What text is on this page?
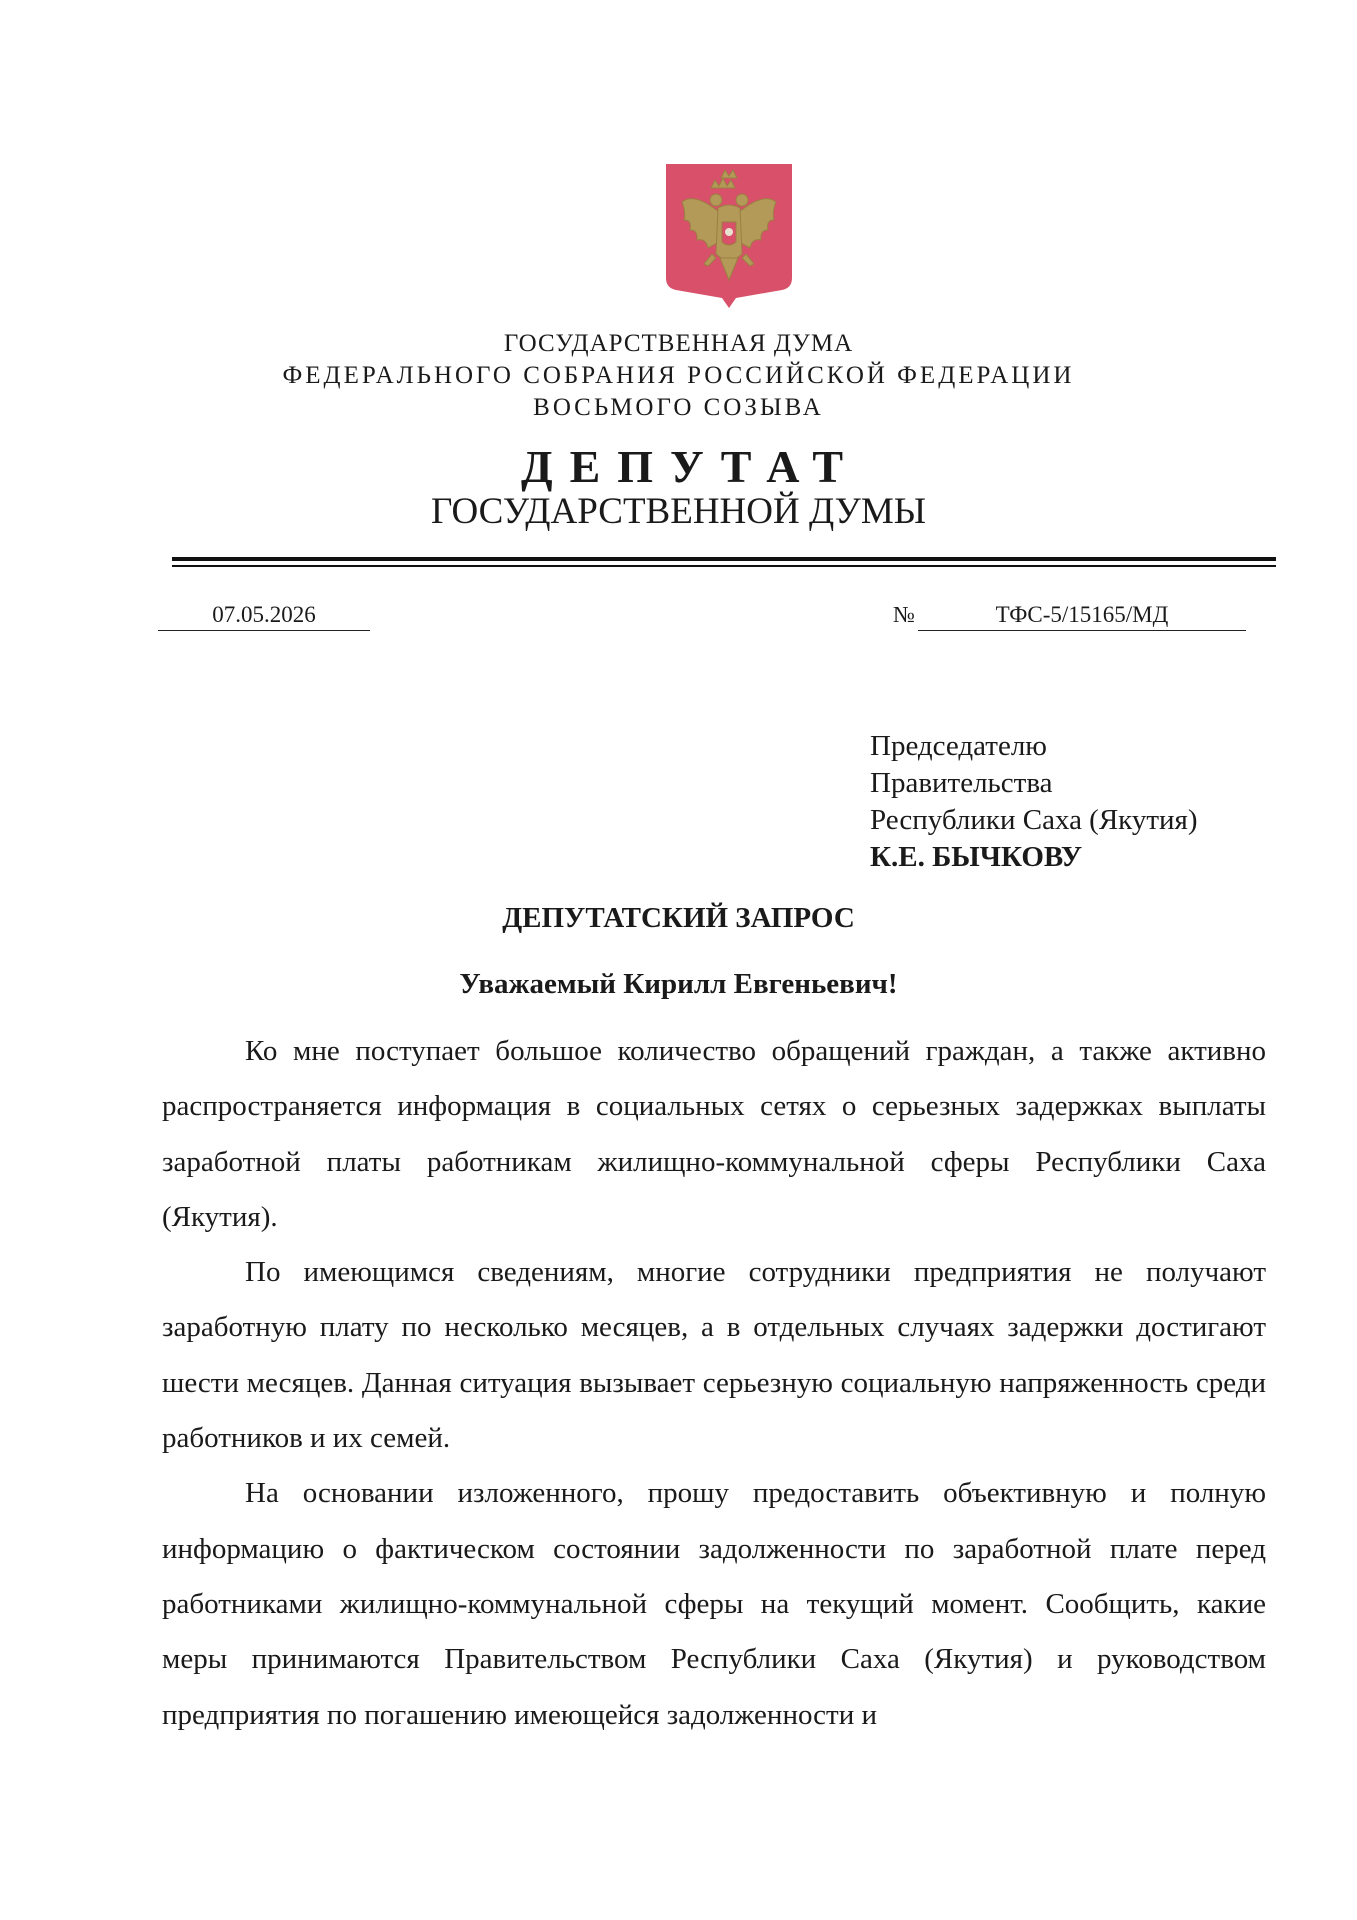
ГОСУДАРСТВЕННАЯ ДУМА
ФЕДЕРАЛЬНОГО СОБРАНИЯ РОССИЙСКОЙ ФЕДЕРАЦИИ
ВОСЬМОГО СОЗЫВА
ДЕПУТАТ
ГОСУДАРСТВЕННОЙ ДУМЫ
07.05.2026	№	ТФС-5/15165/МД
Председателю
Правительства
Республики Саха (Якутия)
К.Е. БЫЧКОВУ
ДЕПУТАТСКИЙ ЗАПРОС
Уважаемый Кирилл Евгеньевич!

Ко мне поступает большое количество обращений граждан, а также активно распространяется информация в социальных сетях о серьезных задержках выплаты заработной платы работникам жилищно-коммунальной сферы Республики Саха (Якутия).

По имеющимся сведениям, многие сотрудники предприятия не получают заработную плату по несколько месяцев, а в отдельных случаях задержки достигают шести месяцев. Данная ситуация вызывает серьезную социальную напряженность среди работников и их семей.

На основании изложенного, прошу предоставить объективную и полную информацию о фактическом состоянии задолженности по заработной плате перед работниками жилищно-коммунальной сферы на текущий момент. Сообщить, какие меры принимаются Правительством Республики Саха (Якутия) и руководством предприятия по погашению имеющейся задолженности и
